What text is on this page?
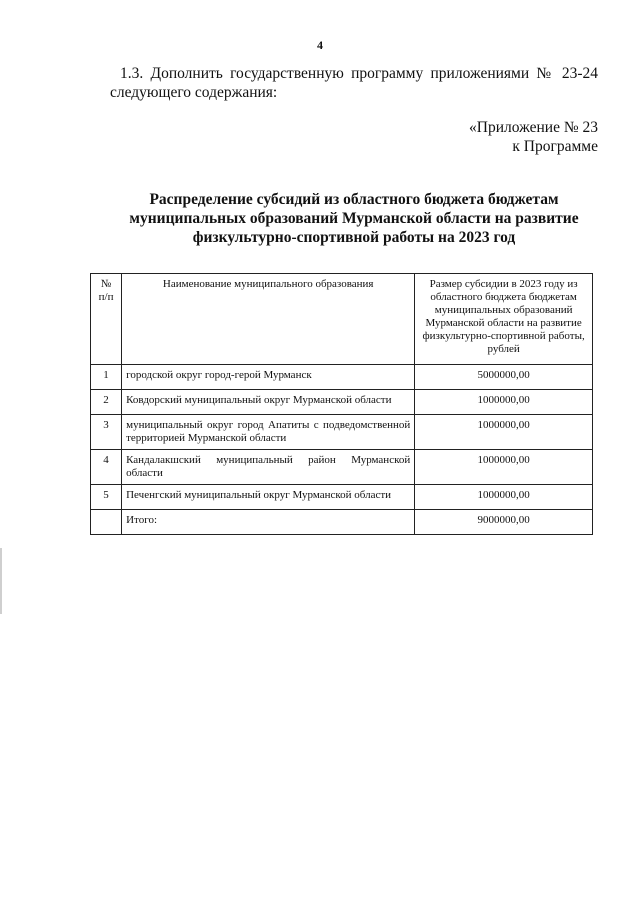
4
1.3. Дополнить государственную программу приложениями № 23-24
следующего содержания:
«Приложение № 23
к Программе
Распределение субсидий из областного бюджета бюджетам
муниципальных образований Мурманской области на развитие
физкультурно-спортивной работы на 2023 год
№ п/п	Наименование муниципального образования	Размер субсидии в 2023 году из областного бюджета бюджетам муниципальных образований Мурманской области на развитие физкультурно-спортивной работы, рублей
1	городской округ город-герой Мурманск	5000000,00
2	Ковдорский муниципальный округ Мурманской области	1000000,00
3	муниципальный округ город Апатиты с подведомственной территорией Мурманской области	1000000,00
4	Кандалакшский муниципальный район Мурманской области	1000000,00
5	Печенгский муниципальный округ Мурманской области	1000000,00
	Итого:	9000000,00
